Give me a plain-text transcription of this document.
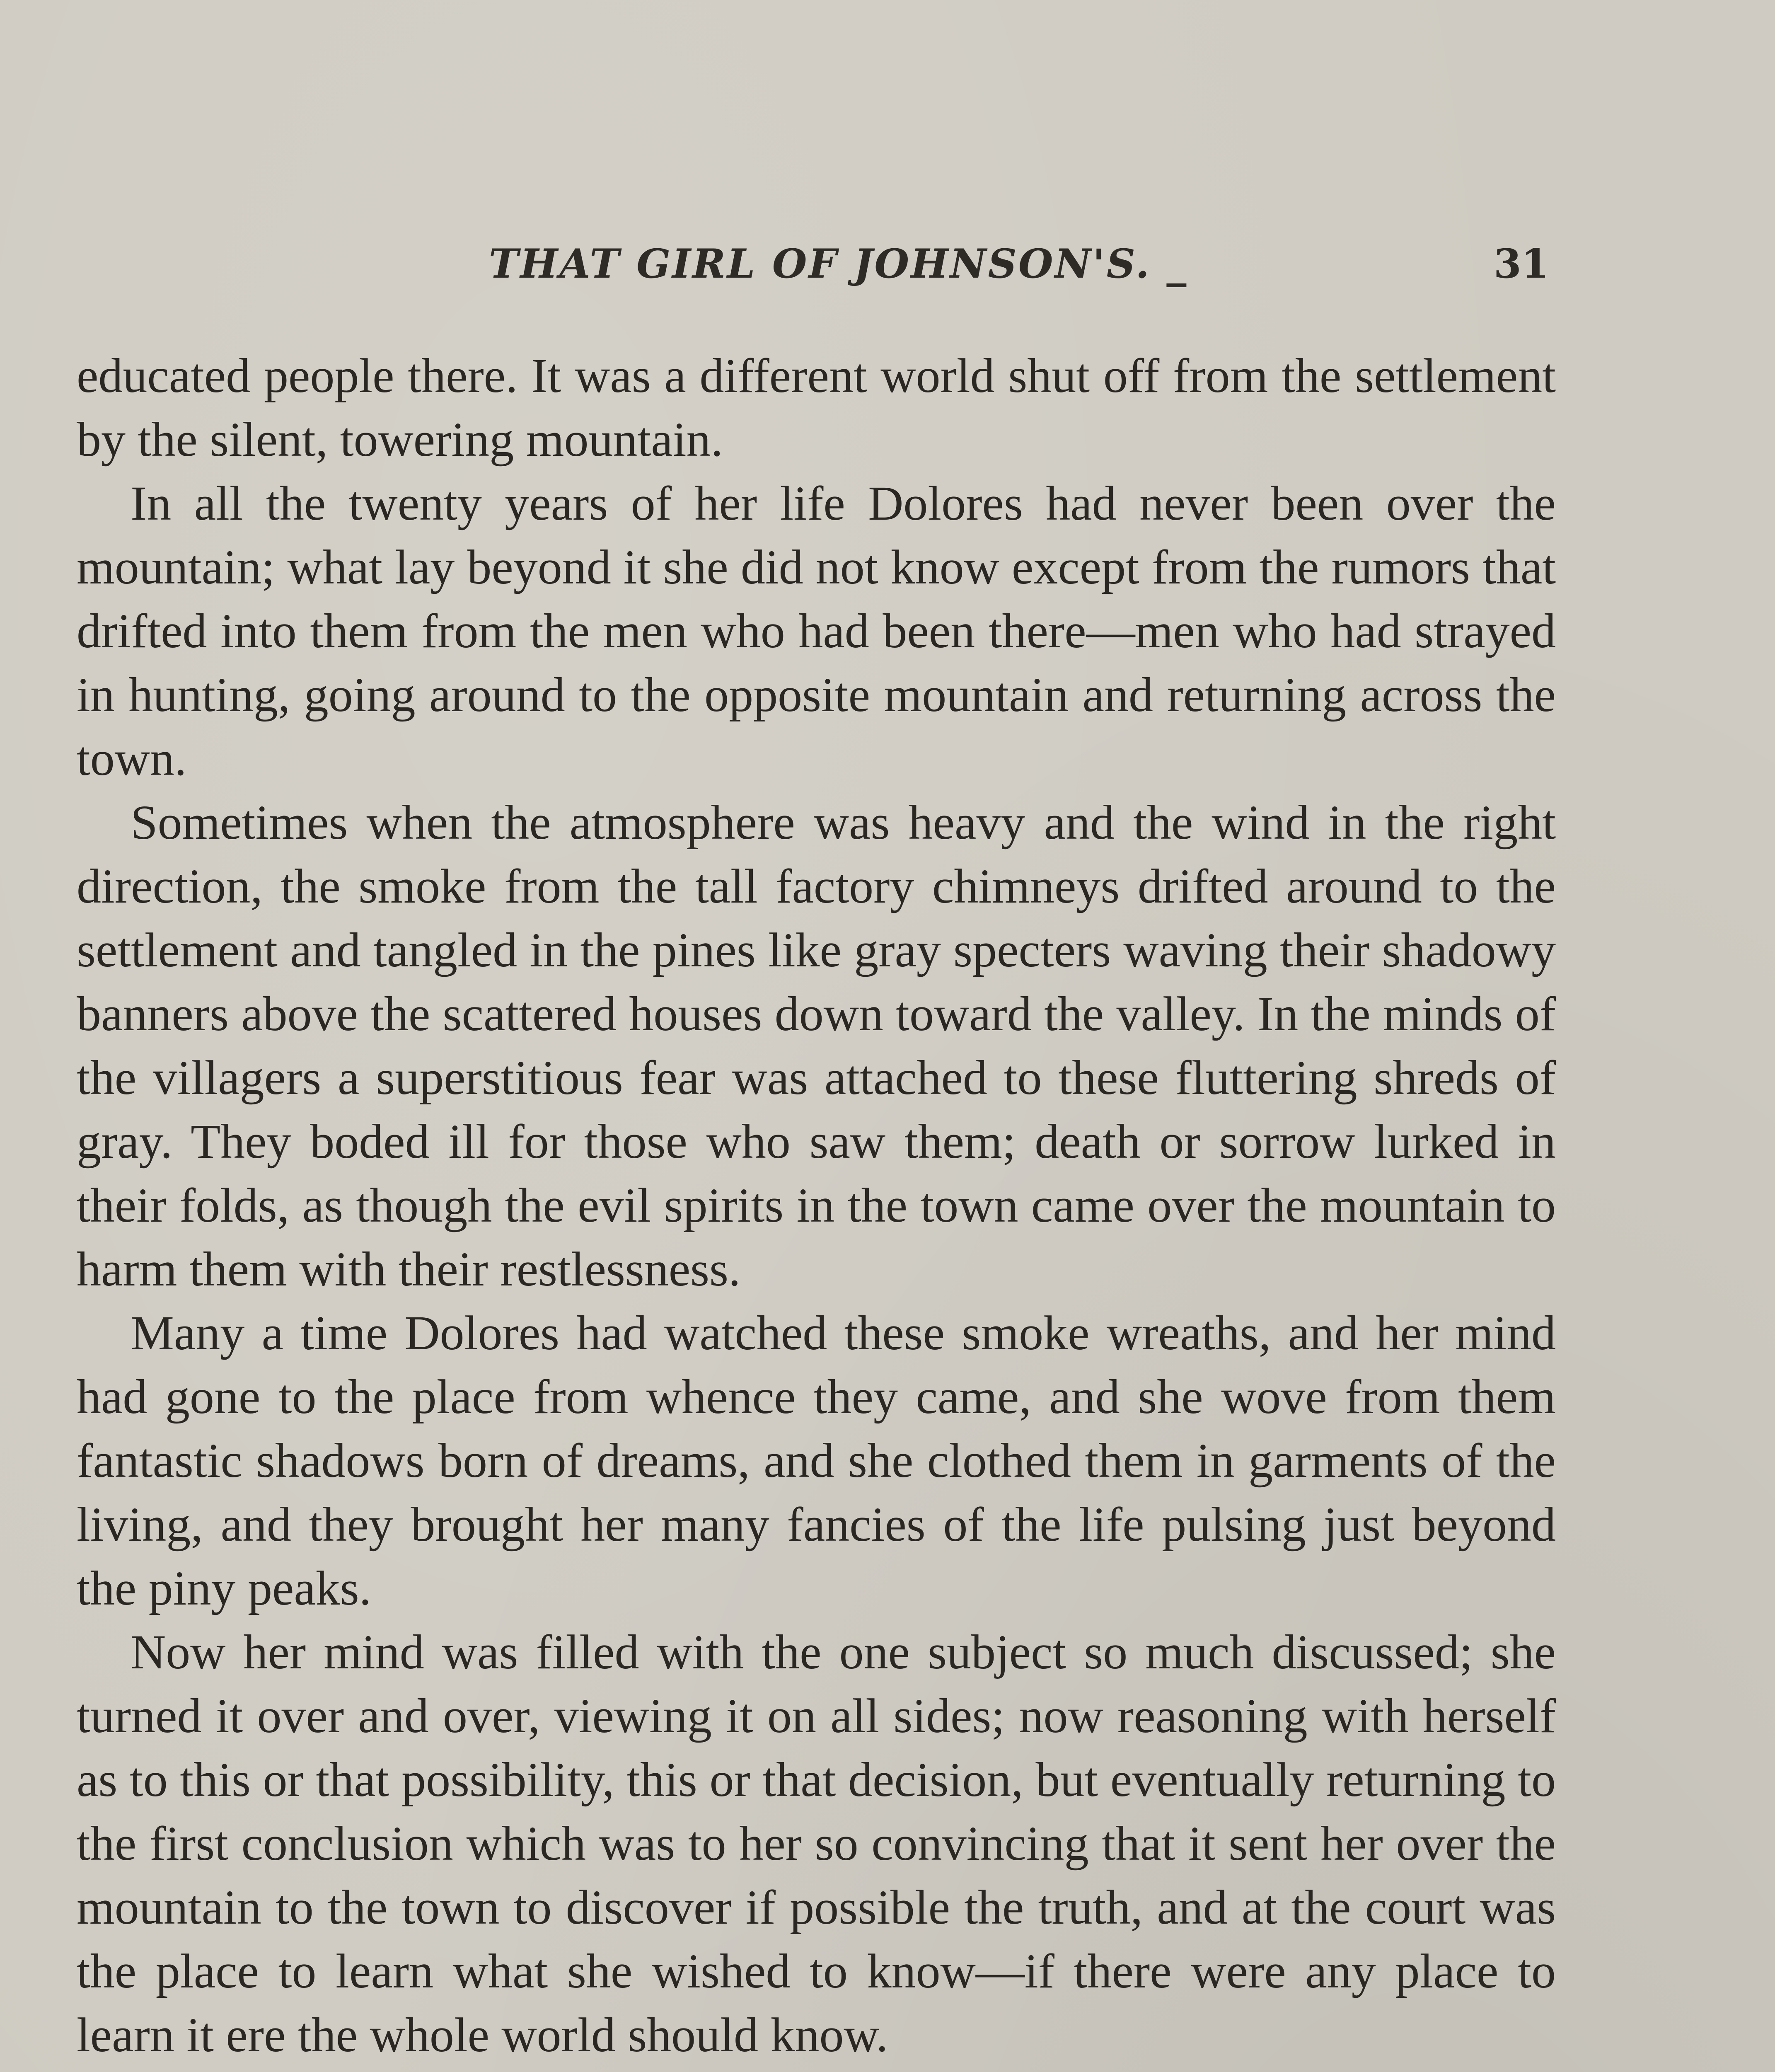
THAT GIRL OF JOHNSON'S. _	31

educated people there. It was a different world shut off from the settlement by the silent, towering mountain.

In all the twenty years of her life Dolores had never been over the mountain; what lay beyond it she did not know except from the rumors that drifted into them from the men who had been there—men who had strayed in hunting, going around to the opposite mountain and returning across the town.

Sometimes when the atmosphere was heavy and the wind in the right direction, the smoke from the tall factory chimneys drifted around to the settlement and tangled in the pines like gray specters waving their shadowy banners above the scattered houses down toward the valley. In the minds of the villagers a superstitious fear was attached to these fluttering shreds of gray. They boded ill for those who saw them; death or sorrow lurked in their folds, as though the evil spirits in the town came over the mountain to harm them with their restlessness.

Many a time Dolores had watched these smoke wreaths, and her mind had gone to the place from whence they came, and she wove from them fantastic shadows born of dreams, and she clothed them in garments of the living, and they brought her many fancies of the life pulsing just beyond the piny peaks.

Now her mind was filled with the one subject so much discussed; she turned it over and over, viewing it on all sides; now reasoning with herself as to this or that possibility, this or that decision, but eventually returning to the first conclusion which was to her so convincing that it sent her over the mountain to the town to discover if possible the truth, and at the court was the place to learn what she wished to know—if there were any place to learn it ere the whole world should know.
